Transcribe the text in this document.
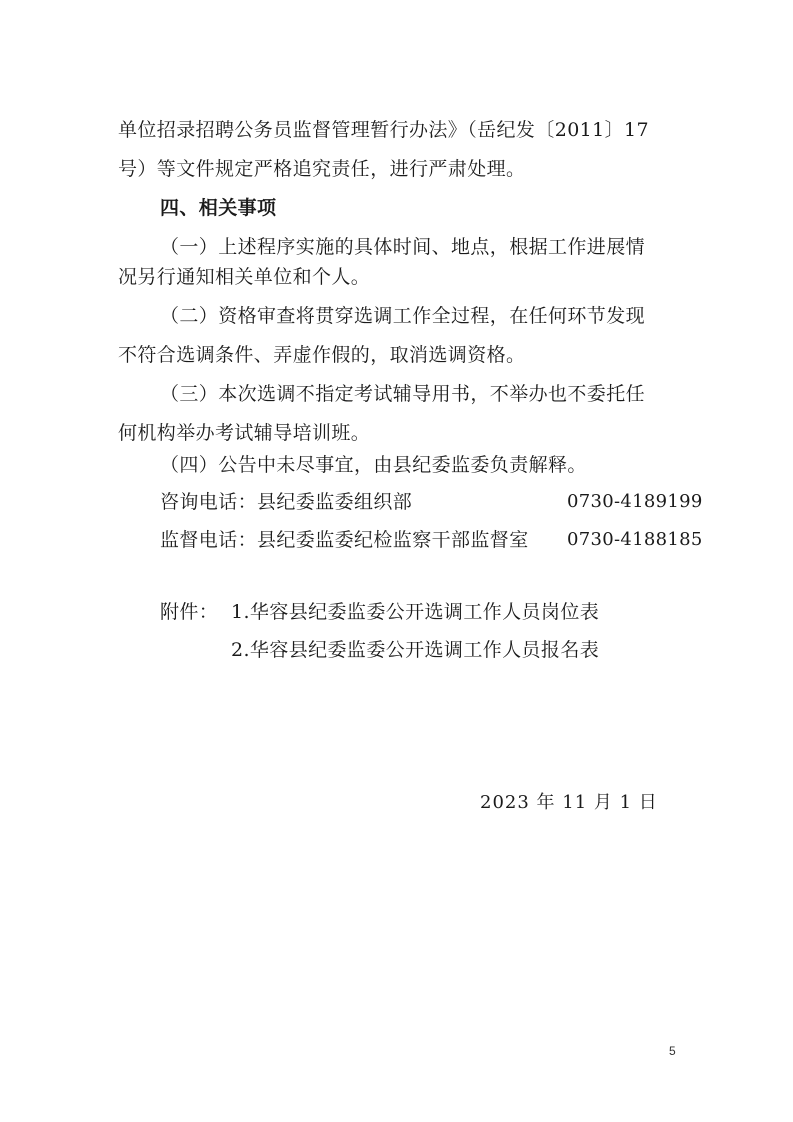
单位招录招聘公务员监督管理暂行办法》（岳纪发〔2011〕17
号）等文件规定严格追究责任，进行严肃处理。
四、相关事项
（一）上述程序实施的具体时间、地点，根据工作进展情
况另行通知相关单位和个人。
（二）资格审查将贯穿选调工作全过程，在任何环节发现
不符合选调条件、弄虚作假的，取消选调资格。
（三）本次选调不指定考试辅导用书，不举办也不委托任
何机构举办考试辅导培训班。
（四）公告中未尽事宜，由县纪委监委负责解释。
咨询电话：县纪委监委组织部	0730-4189199
监督电话：县纪委监委纪检监察干部监督室 0730-4188185
附件： 1.华容县纪委监委公开选调工作人员岗位表
2.华容县纪委监委公开选调工作人员报名表
2023 年 11 月 1 日
5
